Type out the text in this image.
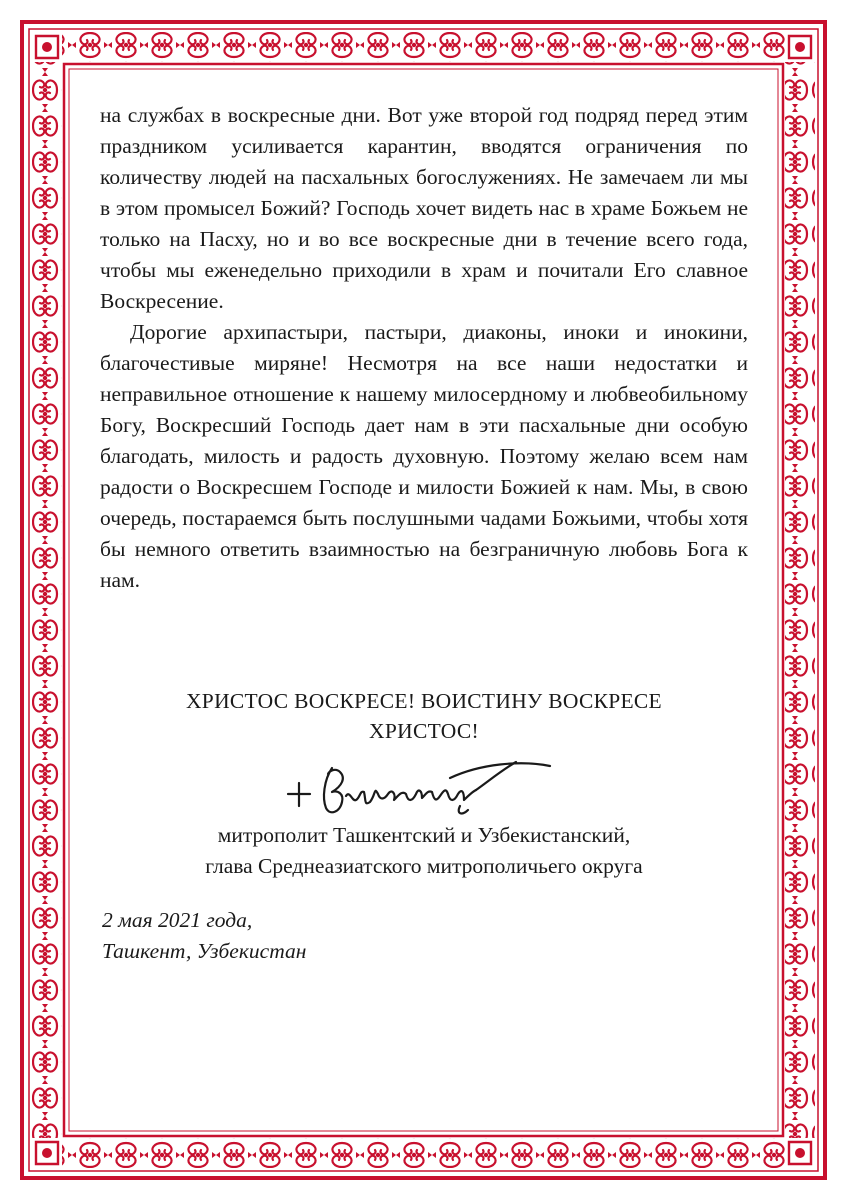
на службах в воскресные дни. Вот уже второй год подряд перед этим праздником усиливается карантин, вводятся ограничения по количеству людей на пасхальных богослужениях. Не замечаем ли мы в этом промысел Божий? Господь хочет видеть нас в храме Божьем не только на Пасху, но и во все воскресные дни в течение всего года, чтобы мы еженедельно приходили в храм и почитали Его славное Воскресение.

Дорогие архипастыри, пастыри, диаконы, иноки и инокини, благочестивые миряне! Несмотря на все наши недостатки и неправильное отношение к нашему милосердному и любвеобильному Богу, Воскресший Господь дает нам в эти пасхальные дни особую благодать, милость и радость духовную. Поэтому желаю всем нам радости о Воскресшем Господе и милости Божией к нам. Мы, в свою очередь, постараемся быть послушными чадами Божьими, чтобы хотя бы немного ответить взаимностью на безграничную любовь Бога к нам.

ХРИСТОС ВОСКРЕСЕ! ВОИСТИНУ ВОСКРЕСЕ
ХРИСТОС!
митрополит Ташкентский и Узбекистанский,
глава Среднеазиатского митрополичьего округа
2 мая 2021 года,
Ташкент, Узбекистан
